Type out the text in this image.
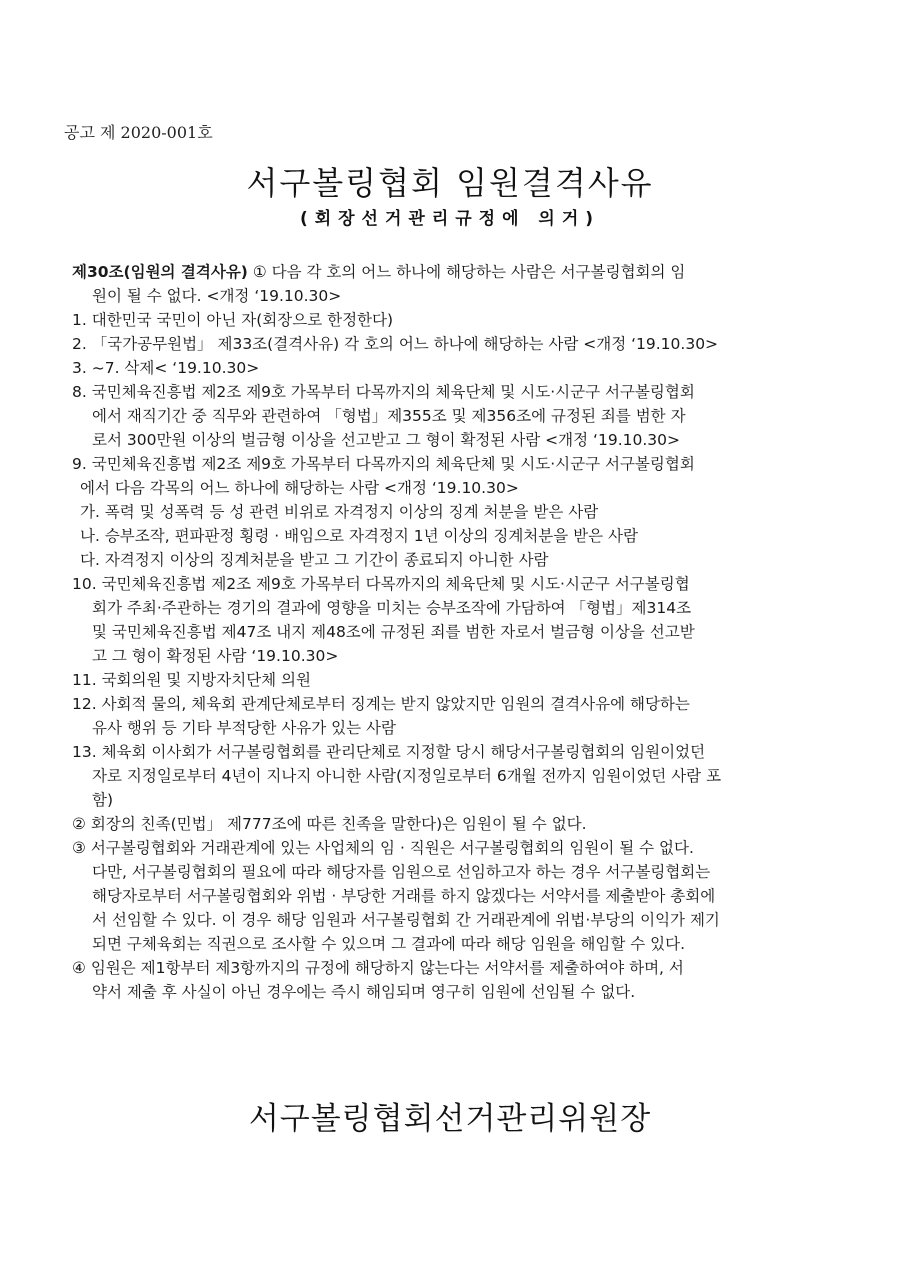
공고 제 2020-001호
서구볼링협회 임원결격사유
(회장선거관리규정에 의거)
제30조(임원의 결격사유) ① 다음 각 호의 어느 하나에 해당하는 사람은 서구볼링협회의 임
원이 될 수 없다. <개정 ‘19.10.30>
1. 대한민국 국민이 아닌 자(회장으로 한정한다)
2. 「국가공무원법」 제33조(결격사유) 각 호의 어느 하나에 해당하는 사람 <개정 ‘19.10.30>
3. ~7. 삭제< ‘19.10.30>
8. 국민체육진흥법 제2조 제9호 가목부터 다목까지의 체육단체 및 시도·시군구 서구볼링협회
에서 재직기간 중 직무와 관련하여 「형법」제355조 및 제356조에 규정된 죄를 범한 자
로서 300만원 이상의 벌금형 이상을 선고받고 그 형이 확정된 사람 <개정 ‘19.10.30>
9. 국민체육진흥법 제2조 제9호 가목부터 다목까지의 체육단체 및 시도·시군구 서구볼링협회
에서 다음 각목의 어느 하나에 해당하는 사람 <개정 ‘19.10.30>
가. 폭력 및 성폭력 등 성 관련 비위로 자격정지 이상의 징계 처분을 받은 사람
나. 승부조작, 편파판정 횡령 · 배임으로 자격정지 1년 이상의 징계처분을 받은 사람
다. 자격정지 이상의 징계처분을 받고 그 기간이 종료되지 아니한 사람
10. 국민체육진흥법 제2조 제9호 가목부터 다목까지의 체육단체 및 시도·시군구 서구볼링협
회가 주최·주관하는 경기의 결과에 영향을 미치는 승부조작에 가담하여 「형법」제314조
및 국민체육진흥법 제47조 내지 제48조에 규정된 죄를 범한 자로서 벌금형 이상을 선고받
고 그 형이 확정된 사람 ‘19.10.30>
11. 국회의원 및 지방자치단체 의원
12. 사회적 물의, 체육회 관계단체로부터 징계는 받지 않았지만 임원의 결격사유에 해당하는
유사 행위 등 기타 부적당한 사유가 있는 사람
13. 체육회 이사회가 서구볼링협회를 관리단체로 지정할 당시 해당서구볼링협회의 임원이었던
자로 지정일로부터 4년이 지나지 아니한 사람(지정일로부터 6개월 전까지 임원이었던 사람 포
함)
② 회장의 친족(민법」 제777조에 따른 친족을 말한다)은 임원이 될 수 없다.
③ 서구볼링협회와 거래관계에 있는 사업체의 임 · 직원은 서구볼링협회의 임원이 될 수 없다.
다만, 서구볼링협회의 필요에 따라 해당자를 임원으로 선임하고자 하는 경우 서구볼링협회는
해당자로부터 서구볼링협회와 위법 · 부당한 거래를 하지 않겠다는 서약서를 제출받아 총회에
서 선임할 수 있다. 이 경우 해당 임원과 서구볼링협회 간 거래관계에 위법·부당의 이익가 제기
되면 구체육회는 직권으로 조사할 수 있으며 그 결과에 따라 해당 임원을 해임할 수 있다.
④ 임원은 제1항부터 제3항까지의 규정에 해당하지 않는다는 서약서를 제출하여야 하며, 서
약서 제출 후 사실이 아닌 경우에는 즉시 해임되며 영구히 임원에 선임될 수 없다.
서구볼링협회선거관리위원장
